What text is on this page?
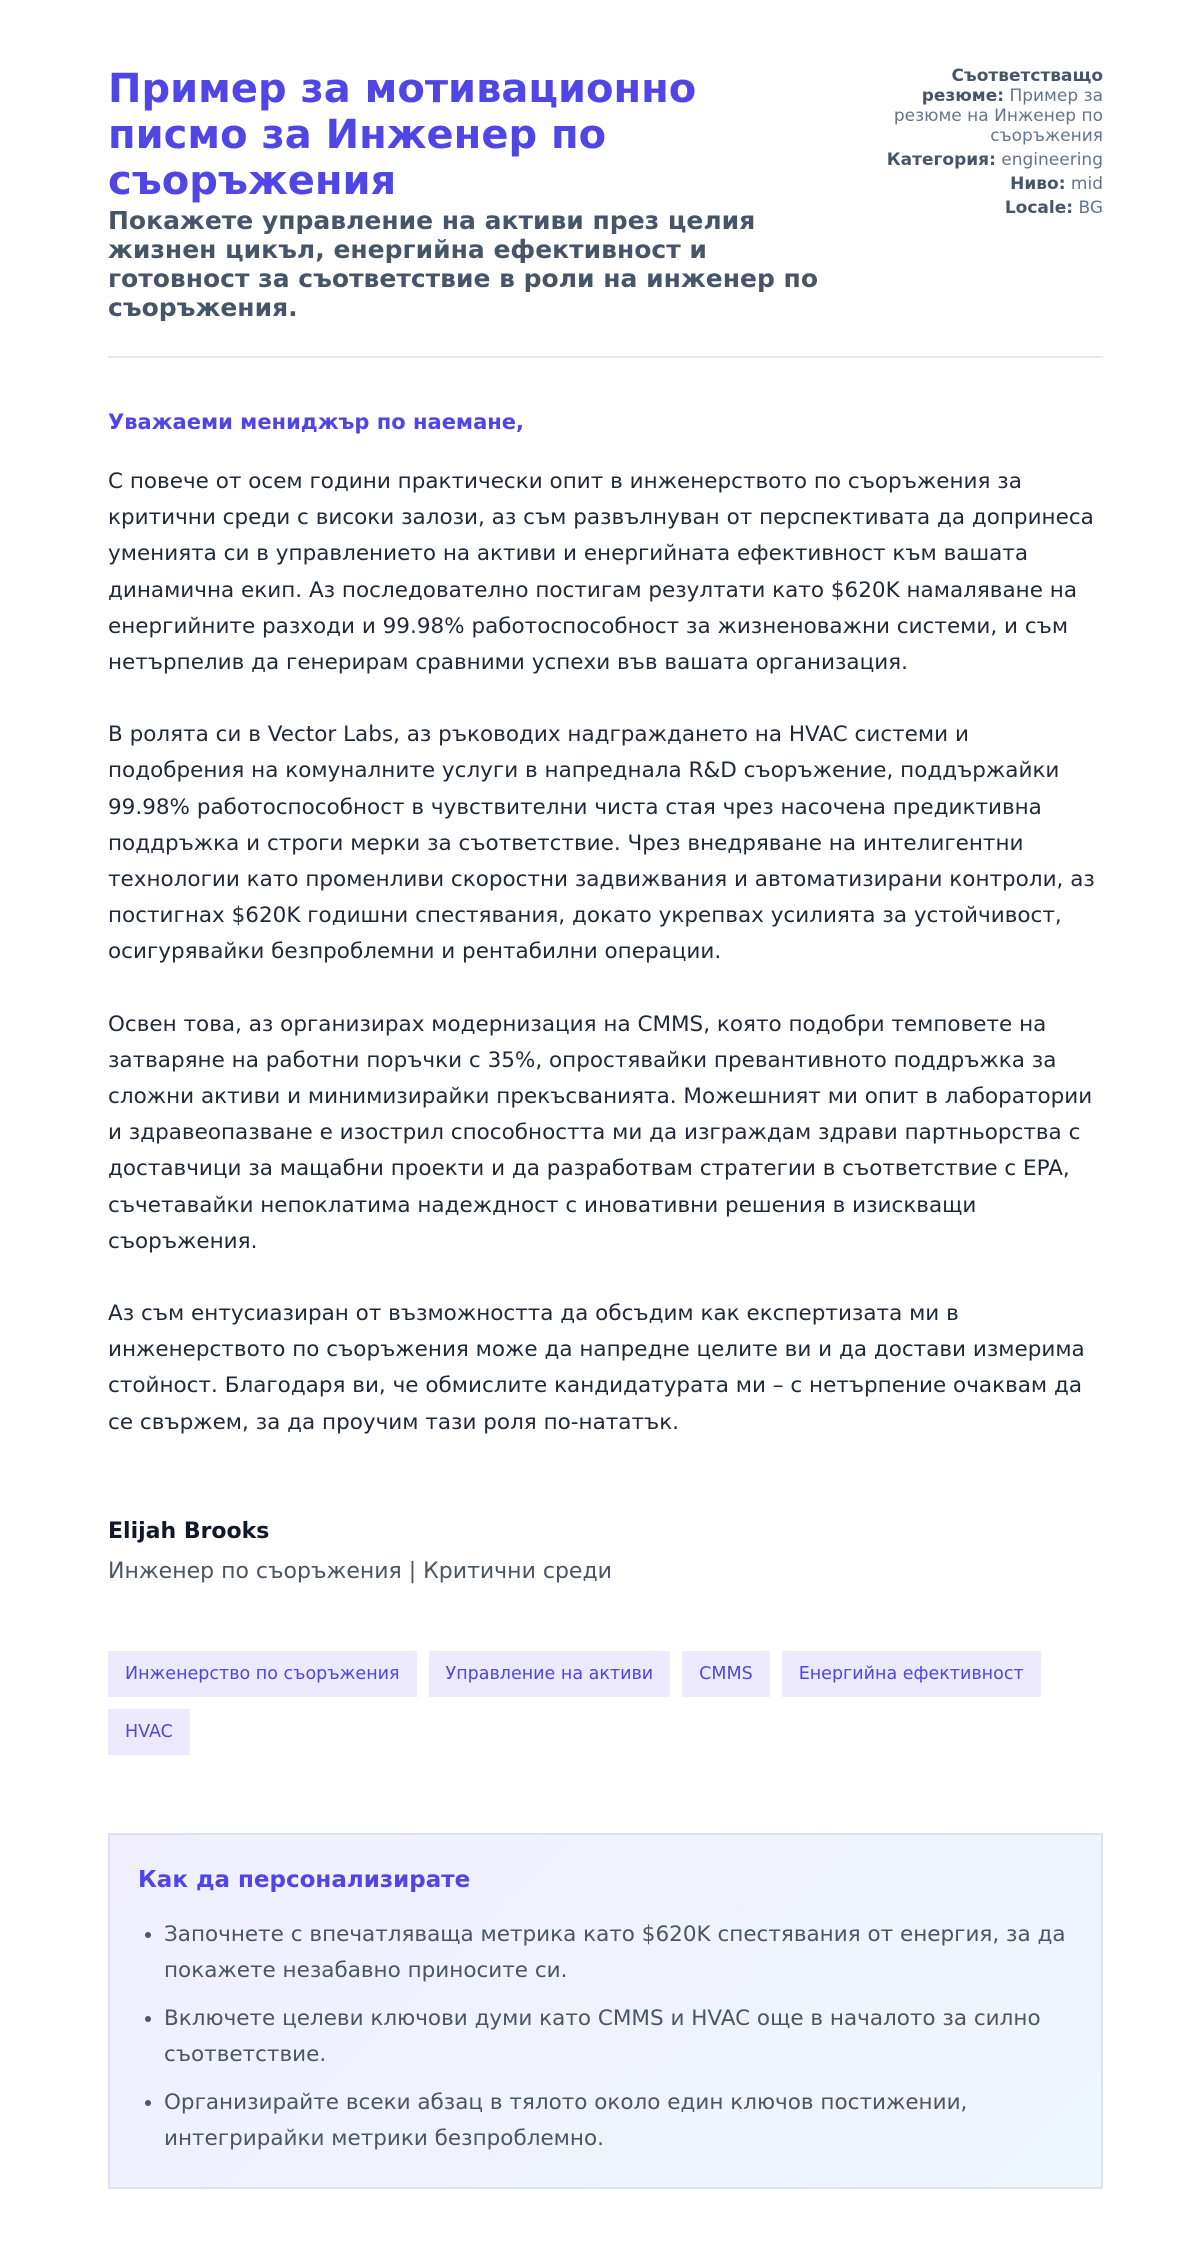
Пример за мотивационно писмо за Инженер по съоръжения

Покажете управление на активи през целия жизнен цикъл, енергийна ефективност и готовност за съответствие в роли на инженер по съоръжения.

Съответстващо резюме: Пример за резюме на Инженер по съоръжения
Категория: engineering
Ниво: mid
Locale: BG
Уважаеми мениджър по наемане,

С повече от осем години практически опит в инженерството по съоръжения за критични среди с високи залози, аз съм развълнуван от перспективата да допринеса уменията си в управлението на активи и енергийната ефективност към вашата динамична екип. Аз последователно постигам резултати като $620K намаляване на енергийните разходи и 99.98% работоспособност за жизненоважни системи, и съм нетърпелив да генерирам сравними успехи във вашата организация.

В ролята си в Vector Labs, аз ръководих надграждането на HVAC системи и подобрения на комуналните услуги в напреднала R&D съоръжение, поддържайки 99.98% работоспособност в чувствителни чиста стая чрез насочена предиктивна поддръжка и строги мерки за съответствие. Чрез внедряване на интелигентни технологии като променливи скоростни задвижвания и автоматизирани контроли, аз постигнах $620K годишни спестявания, докато укрепвах усилията за устойчивост, осигурявайки безпроблемни и рентабилни операции.

Освен това, аз организирах модернизация на CMMS, която подобри темповете на затваряне на работни поръчки с 35%, опростявайки превантивното поддръжка за сложни активи и минимизирайки прекъсванията. Можешният ми опит в лаборатории и здравеопазване е изострил способността ми да изграждам здрави партньорства с доставчици за мащабни проекти и да разработвам стратегии в съответствие с EPA, съчетавайки непоклатима надеждност с иновативни решения в изискващи съоръжения.

Аз съм ентусиазиран от възможността да обсъдим как експертизата ми в инженерството по съоръжения може да напредне целите ви и да достави измерима стойност. Благодаря ви, че обмислите кандидатурата ми – с нетърпение очаквам да се свържем, за да проучим тази роля по-нататък.

Elijah Brooks
Инженер по съоръжения | Критични среди
Инженерство по съоръжения	Управление на активи	CMMS	Енергийна ефективност
HVAC
Как да персонализирате
• Започнете с впечатляваща метрика като $620K спестявания от енергия, за да покажете незабавно приносите си.
• Включете целеви ключови думи като CMMS и HVAC още в началото за силно съответствие.
• Организирайте всеки абзац в тялото около един ключов постижении, интегрирайки метрики безпроблемно.
